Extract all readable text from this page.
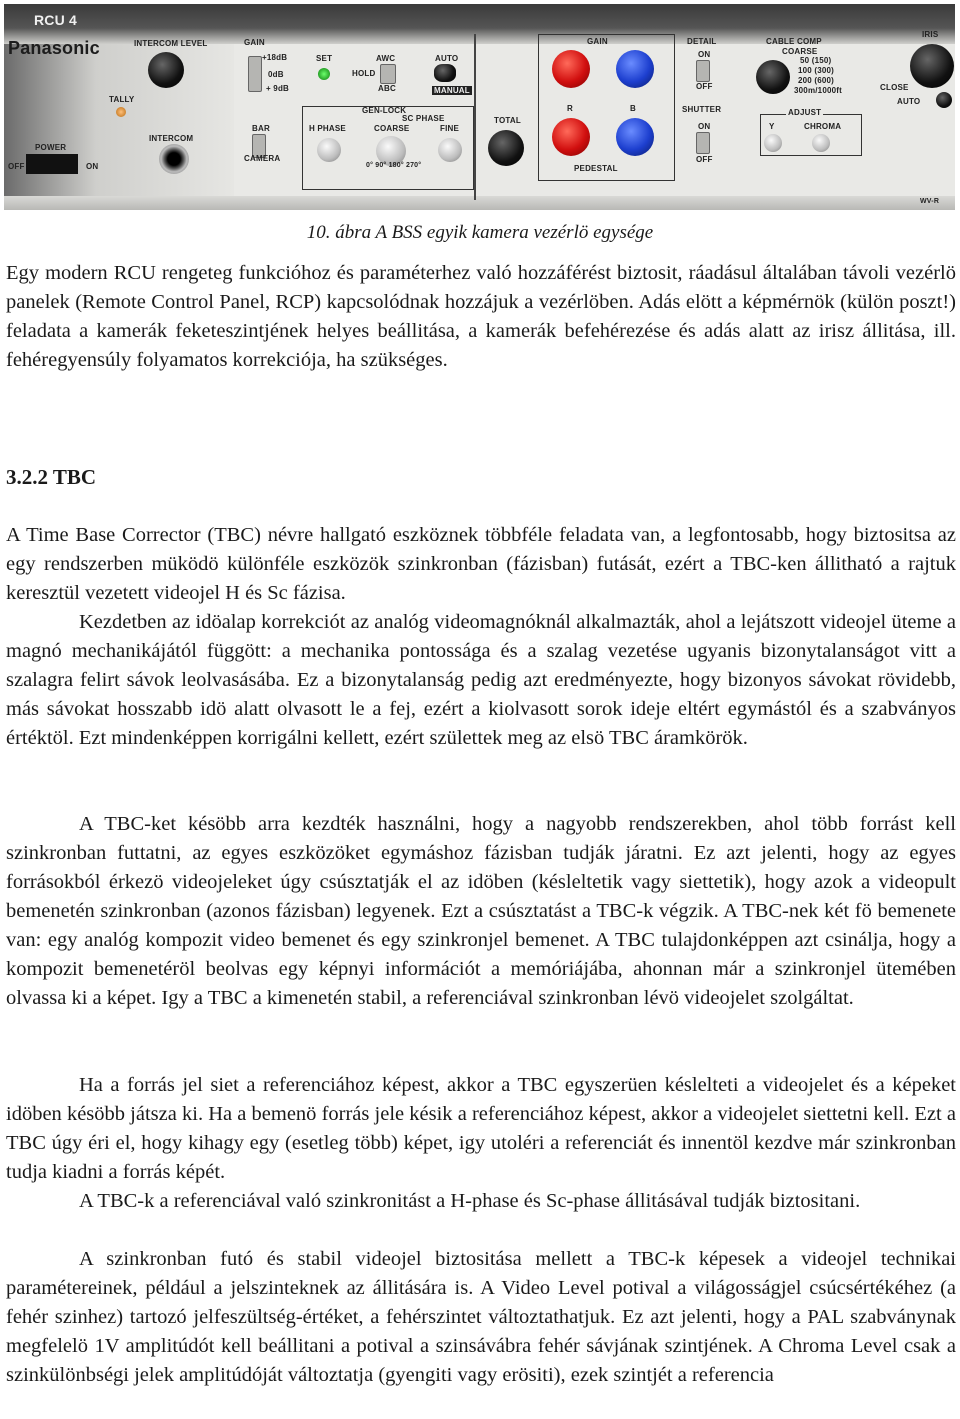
RCU 4
Panasonic	INTERCOM LEVEL
TALLY
INTERCOM
POWER
OFF	ON
GAIN
+18dB
0dB
+ 9dB
SET	AWC
HOLD
ABC
AUTO
MANUAL
BAR
CAMERA
GEN-LOCK
SC PHASE
H PHASE	COARSE	FINE
0° 90° 180° 270°
TOTAL
GAIN
R	B
PEDESTAL
DETAIL
ON
OFF
SHUTTER
ON
OFF
CABLE COMP
COARSE
50 (150)
100 (300)
200 (600)
300m/1000ft
ADJUST
Y	CHROMA
IRIS
CLOSE
AUTO
WV-R
10. ábra A BSS egyik kamera vezérlö egysége

Egy modern RCU rengeteg funkcióhoz és paraméterhez való hozzáférést biztosit, ráadásul általában távoli vezérlö panelek (Remote Control Panel, RCP) kapcsolódnak hozzájuk a vezérlöben. Adás elött a képmérnök (külön poszt!) feladata a kamerák feketeszintjének helyes beállitása, a kamerák befehérezése és adás alatt az irisz állitása, ill. fehéregyensúly folyamatos korrekciója, ha szükséges.

3.2.2 TBC

A Time Base Corrector (TBC) névre hallgató eszköznek többféle feladata van, a legfontosabb, hogy biztositsa az egy rendszerben müködö különféle eszközök szinkronban (fázisban) futását, ezért a TBC-ken állitható a rajtuk keresztül vezetett videojel H és Sc fázisa.

Kezdetben az idöalap korrekciót az analóg videomagnóknál alkalmazták, ahol a lejátszott videojel üteme a magnó mechanikájától függött: a mechanika pontossága és a szalag vezetése ugyanis bizonytalanságot vitt a szalagra felirt sávok leolvasásába. Ez a bizonytalanság pedig azt eredményezte, hogy bizonyos sávokat rövidebb, más sávokat hosszabb idö alatt olvasott le a fej, ezért a kiolvasott sorok ideje eltért egymástól és a szabványos értéktöl. Ezt mindenképpen korrigálni kellett, ezért születtek meg az elsö TBC áramkörök.

A TBC-ket késöbb arra kezdték használni, hogy a nagyobb rendszerekben, ahol több forrást kell szinkronban futtatni, az egyes eszközöket egymáshoz fázisban tudják járatni. Ez azt jelenti, hogy az egyes forrásokból érkezö videojeleket úgy csúsztatják el az idöben (késleltetik vagy siettetik), hogy azok a videopult bemenetén szinkronban (azonos fázisban) legyenek. Ezt a csúsztatást a TBC-k végzik. A TBC-nek két fö bemenete van: egy analóg kompozit video bemenet és egy szinkronjel bemenet. A TBC tulajdonképpen azt csinálja, hogy a kompozit bemenetéröl beolvas egy képnyi információt a memóriájába, ahonnan már a szinkronjel ütemében olvassa ki a képet. Igy a TBC a kimenetén stabil, a referenciával szinkronban lévö videojelet szolgáltat.

Ha a forrás jel siet a referenciához képest, akkor a TBC egyszerüen késlelteti a videojelet és a képeket idöben késöbb játsza ki. Ha a bemenö forrás jele késik a referenciához képest, akkor a videojelet siettetni kell. Ezt a TBC úgy éri el, hogy kihagy egy (esetleg több) képet, igy utoléri a referenciát és innentöl kezdve már szinkronban tudja kiadni a forrás képét.

A TBC-k a referenciával való szinkronitást a H-phase és Sc-phase állitásával tudják biztositani.

A szinkronban futó és stabil videojel biztositása mellett a TBC-k képesek a videojel technikai paramétereinek, például a jelszinteknek az állitására is. A Video Level potival a világosságjel csúcsértékéhez (a fehér szinhez) tartozó jelfeszültség-értéket, a fehérszintet változtathatjuk. Ez azt jelenti, hogy a PAL szabványnak megfelelö 1V amplitúdót kell beállitani a potival a szinsávábra fehér sávjának szintjének. A Chroma Level csak a szinkülönbségi jelek amplitúdóját változtatja (gyengiti vagy erösiti), ezek szintjét a referencia
